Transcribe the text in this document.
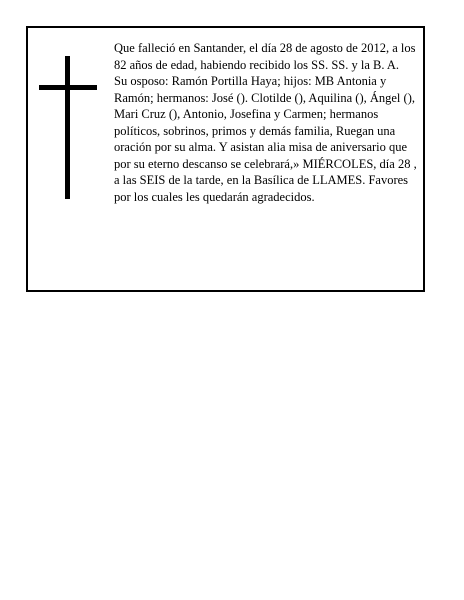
Que falleció en Santander, el día 28 de agosto de 2012, a los 82 años de edad, habiendo recibido los SS. SS. y la B. A.

Su osposo: Ramón Portilla Haya; hijos: MB Antonia y Ramón; hermanos: José (). Clotilde (), Aquilina (), Ángel (), Mari Cruz (), Antonio, Josefina y Carmen; hermanos políticos, sobrinos, primos y demás familia, Ruegan una oración por su alma. Y asistan alia misa de aniversario que por su eterno descanso se celebrará,» MIÉRCOLES, día 28 , a las SEIS de la tarde, en la Basílica de LLAMES. Favores por los cuales les quedarán agradecidos.
